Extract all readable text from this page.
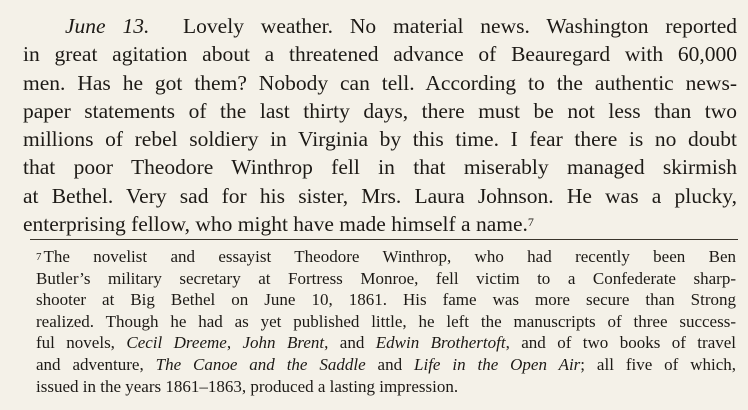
June 13. Lovely weather. No material news. Washington reported
in great agitation about a threatened advance of Beauregard with 60,000
men. Has he got them? Nobody can tell. According to the authentic news-
paper statements of the last thirty days, there must be not less than two
millions of rebel soldiery in Virginia by this time. I fear there is no doubt
that poor Theodore Winthrop fell in that miserably managed skirmish
at Bethel. Very sad for his sister, Mrs. Laura Johnson. He was a plucky,
enterprising fellow, who might have made himself a name.$^7$
$^7$ The novelist and essayist Theodore Winthrop, who had recently been Ben
Butler’s military secretary at Fortress Monroe, fell victim to a Confederate sharp-
shooter at Big Bethel on June 10, 1861. His fame was more secure than Strong
realized. Though he had as yet published little, he left the manuscripts of three success-
ful novels, Cecil Dreeme, John Brent, and Edwin Brothertoft, and of two books of travel
and adventure, The Canoe and the Saddle and Life in the Open Air; all five of which,
issued in the years 1861–1863, produced a lasting impression.
